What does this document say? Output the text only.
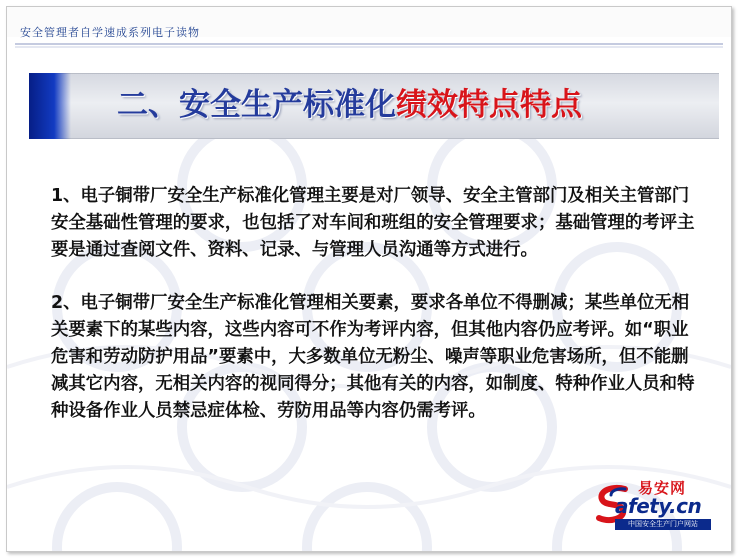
安全管理者自学速成系列电子读物
二、安全生产标准化绩效特点特点

1、电子铜带厂安全生产标准化管理主要是对厂领导、安全主管部门及相关主管部门安全基础性管理的要求，也包括了对车间和班组的安全管理要求；基础管理的考评主要是通过查阅文件、资料、记录、与管理人员沟通等方式进行。

2、电子铜带厂安全生产标准化管理相关要素，要求各单位不得删减；某些单位无相关要素下的某些内容，这些内容可不作为考评内容，但其他内容仍应考评。如“职业危害和劳动防护用品”要素中，大多数单位无粉尘、噪声等职业危害场所，但不能删减其它内容，无相关内容的视同得分；其他有关的内容，如制度、特种作业人员和特种设备作业人员禁忌症体检、劳防用品等内容仍需考评。

易安网
afety.cn
中国安全生产门户网站
